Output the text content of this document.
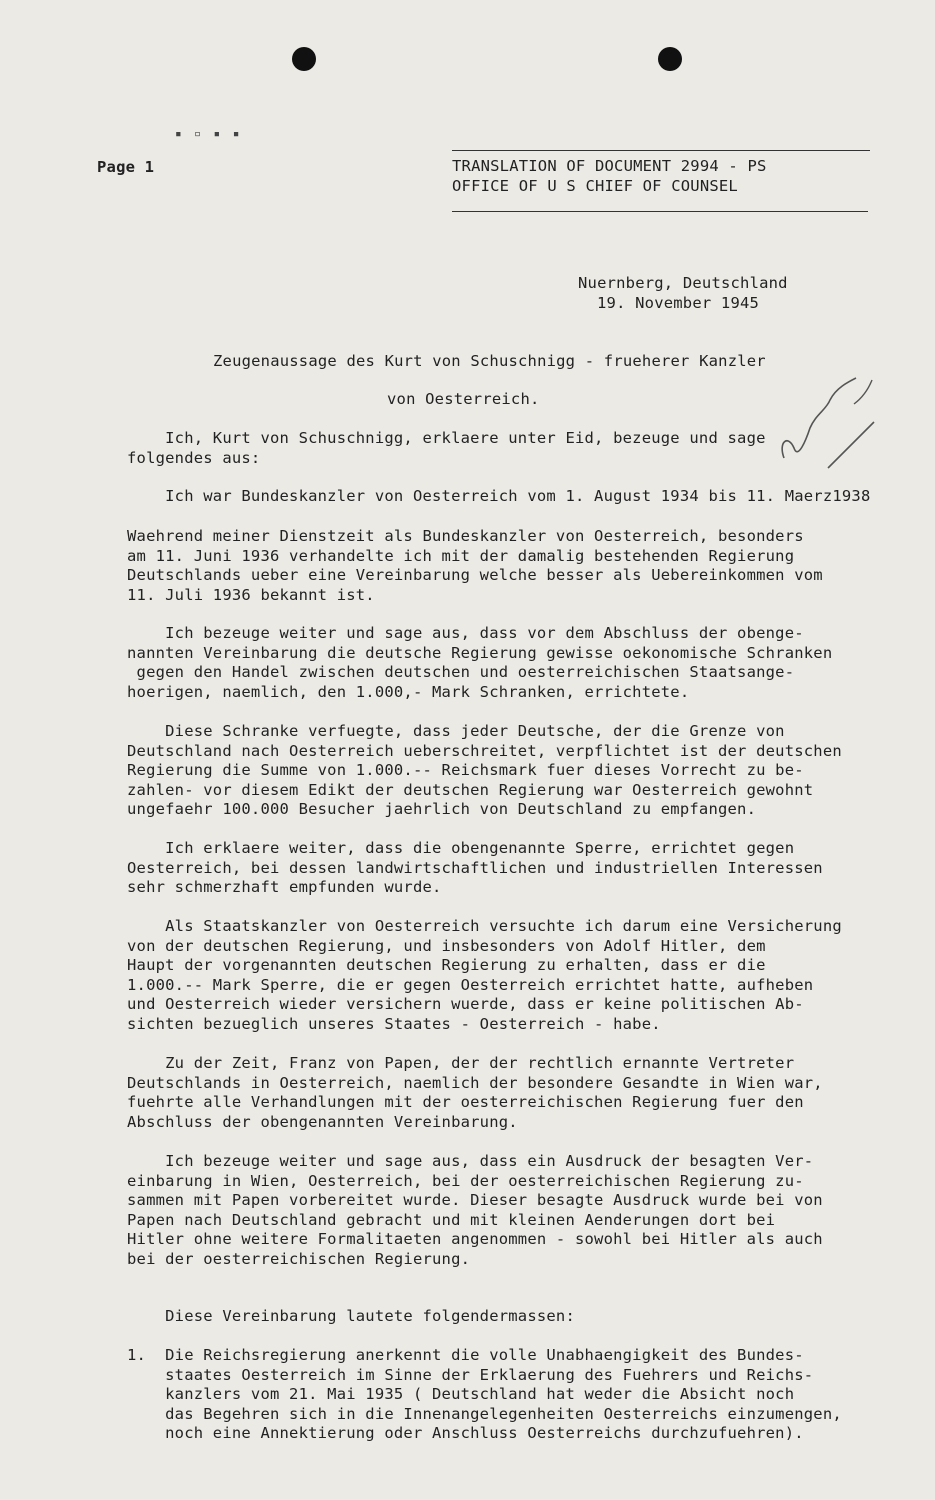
▪ ▫ ▪ ▪
Page 1	TRANSLATION OF DOCUMENT 2994 - PS
OFFICE OF U S CHIEF OF COUNSEL
Nuernberg, Deutschland
19. November 1945
Zeugenaussage des Kurt von Schuschnigg - frueherer Kanzler
von Oesterreich.
Ich, Kurt von Schuschnigg, erklaere unter Eid, bezeuge und sage
folgendes aus:
Ich war Bundeskanzler von Oesterreich vom 1. August 1934 bis 11. Maerz1938
Waehrend meiner Dienstzeit als Bundeskanzler von Oesterreich, besonders
am 11. Juni 1936 verhandelte ich mit der damalig bestehenden Regierung
Deutschlands ueber eine Vereinbarung welche besser als Uebereinkommen vom
11. Juli 1936 bekannt ist.
Ich bezeuge weiter und sage aus, dass vor dem Abschluss der obenge-
nannten Vereinbarung die deutsche Regierung gewisse oekonomische Schranken
gegen den Handel zwischen deutschen und oesterreichischen Staatsange-
hoerigen, naemlich, den 1.000,- Mark Schranken, errichtete.
Diese Schranke verfuegte, dass jeder Deutsche, der die Grenze von
Deutschland nach Oesterreich ueberschreitet, verpflichtet ist der deutschen
Regierung die Summe von 1.000.-- Reichsmark fuer dieses Vorrecht zu be-
zahlen- vor diesem Edikt der deutschen Regierung war Oesterreich gewohnt
ungefaehr 100.000 Besucher jaehrlich von Deutschland zu empfangen.
Ich erklaere weiter, dass die obengenannte Sperre, errichtet gegen
Oesterreich, bei dessen landwirtschaftlichen und industriellen Interessen
sehr schmerzhaft empfunden wurde.
Als Staatskanzler von Oesterreich versuchte ich darum eine Versicherung
von der deutschen Regierung, und insbesonders von Adolf Hitler, dem
Haupt der vorgenannten deutschen Regierung zu erhalten, dass er die
1.000.-- Mark Sperre, die er gegen Oesterreich errichtet hatte, aufheben
und Oesterreich wieder versichern wuerde, dass er keine politischen Ab-
sichten bezueglich unseres Staates - Oesterreich - habe.
Zu der Zeit, Franz von Papen, der der rechtlich ernannte Vertreter
Deutschlands in Oesterreich, naemlich der besondere Gesandte in Wien war,
fuehrte alle Verhandlungen mit der oesterreichischen Regierung fuer den
Abschluss der obengenannten Vereinbarung.
Ich bezeuge weiter und sage aus, dass ein Ausdruck der besagten Ver-
einbarung in Wien, Oesterreich, bei der oesterreichischen Regierung zu-
sammen mit Papen vorbereitet wurde. Dieser besagte Ausdruck wurde bei von
Papen nach Deutschland gebracht und mit kleinen Aenderungen dort bei
Hitler ohne weitere Formalitaeten angenommen - sowohl bei Hitler als auch
bei der oesterreichischen Regierung.
Diese Vereinbarung lautete folgendermassen:
1.  Die Reichsregierung anerkennt die volle Unabhaengigkeit des Bundes-
staates Oesterreich im Sinne der Erklaerung des Fuehrers und Reichs-
kanzlers vom 21. Mai 1935 ( Deutschland hat weder die Absicht noch
das Begehren sich in die Innenangelegenheiten Oesterreichs einzumengen,
noch eine Annektierung oder Anschluss Oesterreichs durchzufuehren).
